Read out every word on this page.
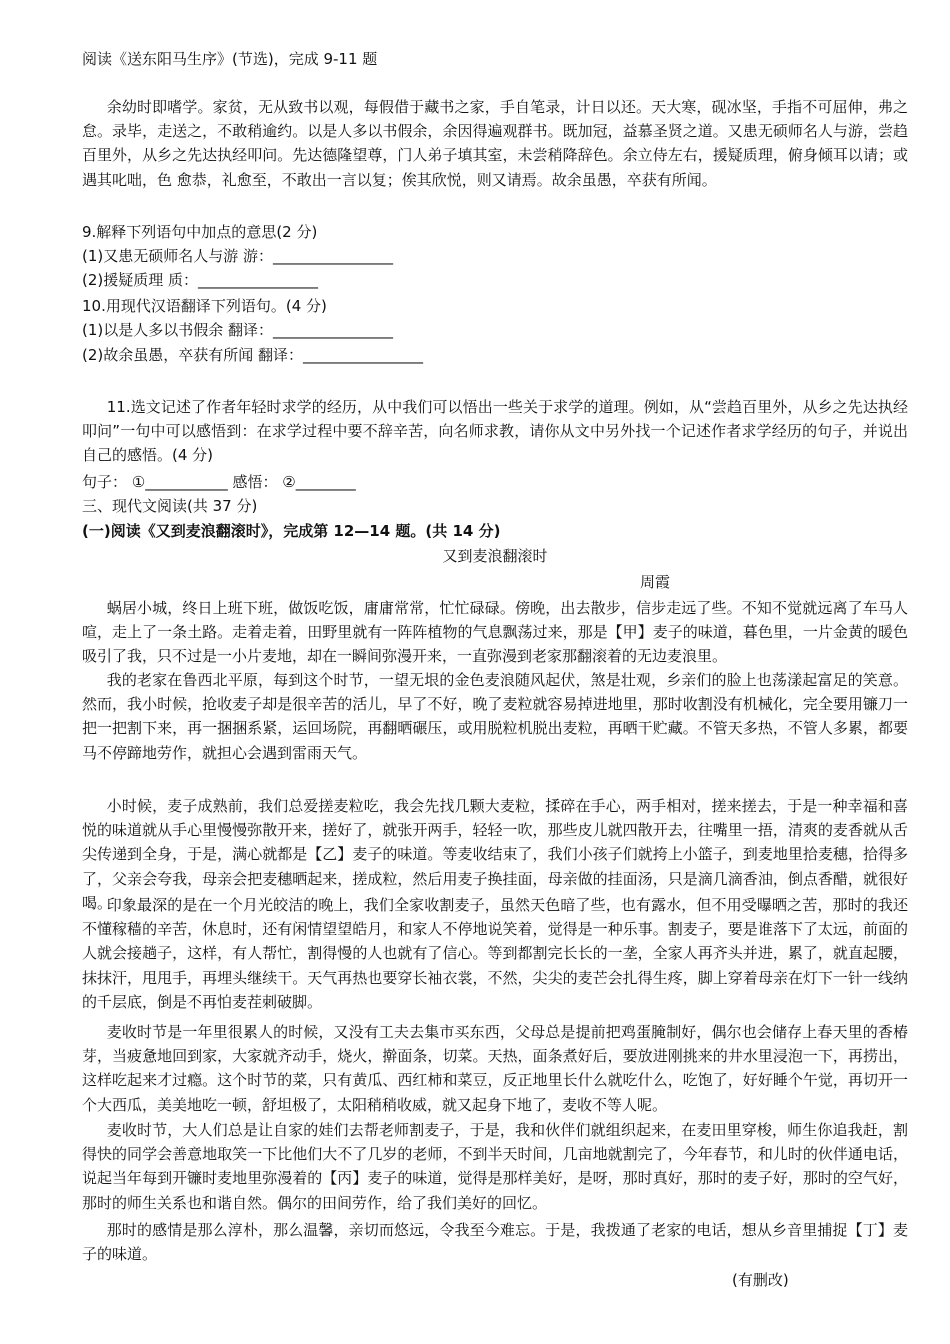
阅读《送东阳马生序》(节选)，完成 9-11 题
余幼时即嗜学。家贫，无从致书以观，每假借于藏书之家，手自笔录，计日以还。天大寒，砚冰坚，手指不可屈伸，弗之怠。录毕，走送之，不敢稍逾约。以是人多以书假余，余因得遍观群书。既加冠，益慕圣贤之道。又患无硕师名人与游，尝趋百里外，从乡之先达执经叩问。先达德隆望尊，门人弟子填其室，未尝稍降辞色。余立侍左右，援疑质理，俯身倾耳以请；或遇其叱咄，色 愈恭，礼愈至，不敢出一言以复；俟其欣悦，则又请焉。故余虽愚，卒获有所闻。
9.解释下列语句中加点的意思(2 分)
(1)又患无硕师名人与游 游：________________
(2)援疑质理 质：________________
10.用现代汉语翻译下列语句。(4 分)
(1)以是人多以书假余 翻译：________________
(2)故余虽愚，卒获有所闻 翻译：________________
11.选文记述了作者年轻时求学的经历，从中我们可以悟出一些关于求学的道理。例如，从“尝趋百里外，从乡之先达执经叩问”一句中可以感悟到：在求学过程中要不辞辛苦，向名师求教，请你从文中另外找一个记述作者求学经历的句子，并说出自己的感悟。(4 分)
句子： ①___________ 感悟： ②________
三、现代文阅读(共 37 分)
(一)阅读《又到麦浪翻滚时》，完成第 12—14 题。(共 14 分)
又到麦浪翻滚时
周霞
蜗居小城，终日上班下班，做饭吃饭，庸庸常常，忙忙碌碌。傍晚，出去散步，信步走远了些。不知不觉就远离了车马人喧，走上了一条土路。走着走着，田野里就有一阵阵植物的气息飘荡过来，那是【甲】麦子的味道，暮色里，一片金黄的暖色吸引了我，只不过是一小片麦地，却在一瞬间弥漫开来，一直弥漫到老家那翻滚着的无边麦浪里。
我的老家在鲁西北平原，每到这个时节，一望无垠的金色麦浪随风起伏，煞是壮观，乡亲们的脸上也荡漾起富足的笑意。然而，我小时候，抢收麦子却是很辛苦的活儿，早了不好，晚了麦粒就容易掉进地里，那时收割没有机械化，完全要用镰刀一把一把割下来，再一捆捆系紧，运回场院，再翻晒碾压，或用脱粒机脱出麦粒，再晒干贮藏。不管天多热，不管人多累，都要马不停蹄地劳作，就担心会遇到雷雨天气。
小时候，麦子成熟前，我们总爱搓麦粒吃，我会先找几颗大麦粒，揉碎在手心，两手相对，搓来搓去，于是一种幸福和喜悦的味道就从手心里慢慢弥散开来，搓好了，就张开两手，轻轻一吹，那些皮儿就四散开去，往嘴里一捂，清爽的麦香就从舌尖传递到全身，于是，满心就都是【乙】麦子的味道。等麦收结束了，我们小孩子们就挎上小篮子，到麦地里拾麦穗，拾得多了，父亲会夸我，母亲会把麦穗晒起来，搓成粒，然后用麦子换挂面，母亲做的挂面汤，只是滴几滴香油，倒点香醋，就很好喝。
印象最深的是在一个月光皎洁的晚上，我们全家收割麦子，虽然天色暗了些，也有露水，但不用受曝晒之苦，那时的我还不懂稼穑的辛苦，休息时，还有闲情望望皓月，和家人不停地说笑着，觉得是一种乐事。割麦子，要是谁落下了太远，前面的人就会接趟子，这样，有人帮忙，割得慢的人也就有了信心。等到都割完长长的一垄，全家人再齐头并进，累了，就直起腰，抹抹汗，甩甩手，再埋头继续干。天气再热也要穿长袖衣裳，不然，尖尖的麦芒会扎得生疼，脚上穿着母亲在灯下一针一线纳的千层底，倒是不再怕麦茬刺破脚。
麦收时节是一年里很累人的时候，又没有工夫去集市买东西，父母总是提前把鸡蛋腌制好，偶尔也会储存上春天里的香椿芽，当疲惫地回到家，大家就齐动手，烧火，擀面条，切菜。天热，面条煮好后，要放进刚挑来的井水里浸泡一下，再捞出，这样吃起来才过瘾。这个时节的菜，只有黄瓜、西红柿和菜豆，反正地里长什么就吃什么，吃饱了，好好睡个午觉，再切开一个大西瓜，美美地吃一顿，舒坦极了，太阳稍稍收威，就又起身下地了，麦收不等人呢。
麦收时节，大人们总是让自家的娃们去帮老师割麦子，于是，我和伙伴们就组织起来，在麦田里穿梭，师生你追我赶，割得快的同学会善意地取笑一下比他们大不了几岁的老师，不到半天时间，几亩地就割完了，今年春节，和儿时的伙伴通电话，说起当年每到开镰时麦地里弥漫着的【丙】麦子的味道，觉得是那样美好，是呀，那时真好，那时的麦子好，那时的空气好，那时的师生关系也和谐自然。偶尔的田间劳作，给了我们美好的回忆。
那时的感情是那么淳朴，那么温馨，亲切而悠远，令我至今难忘。于是，我拨通了老家的电话，想从乡音里捕捉【丁】麦子的味道。
(有删改)
